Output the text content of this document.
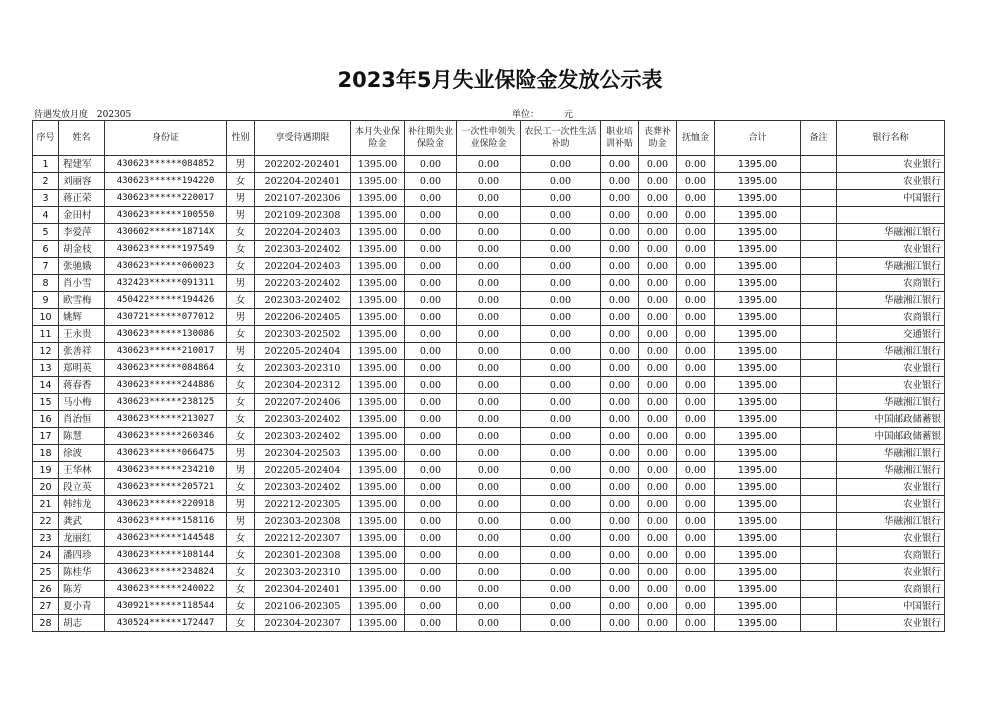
2023年5月失业保险金发放公示表
待遇发放月度 202305	单位：	元
序号	姓名	身份证	性别	享受待遇期限	本月失业保险金	补往期失业保险金	一次性申领失业保险金	农民工一次性生活补助	职业培训补贴	丧葬补助金	抚恤金	合计	备注	银行名称
1	程建军	430623******084852	男	202202-202401	1395.00	0.00	0.00	0.00	0.00	0.00	0.00	1395.00		农业银行
2	刘丽容	430623******194220	女	202204-202401	1395.00	0.00	0.00	0.00	0.00	0.00	0.00	1395.00		农业银行
3	蒋正荣	430623******220017	男	202107-202306	1395.00	0.00	0.00	0.00	0.00	0.00	0.00	1395.00		中国银行
4	金田村	430623******100550	男	202109-202308	1395.00	0.00	0.00	0.00	0.00	0.00	0.00	1395.00		
5	李爱萍	430602******18714X	女	202204-202403	1395.00	0.00	0.00	0.00	0.00	0.00	0.00	1395.00		华融湘江银行
6	胡金枝	430623******197549	女	202303-202402	1395.00	0.00	0.00	0.00	0.00	0.00	0.00	1395.00		农业银行
7	张驰娥	430623******060023	女	202204-202403	1395.00	0.00	0.00	0.00	0.00	0.00	0.00	1395.00		华融湘江银行
8	肖小雪	432423******091311	男	202203-202402	1395.00	0.00	0.00	0.00	0.00	0.00	0.00	1395.00		农商银行
9	欧雪梅	450422******194426	女	202303-202402	1395.00	0.00	0.00	0.00	0.00	0.00	0.00	1395.00		华融湘江银行
10	姚辉	430721******077012	男	202206-202405	1395.00	0.00	0.00	0.00	0.00	0.00	0.00	1395.00		农商银行
11	王永贵	430623******130086	女	202303-202502	1395.00	0.00	0.00	0.00	0.00	0.00	0.00	1395.00		交通银行
12	张善祥	430623******210017	男	202205-202404	1395.00	0.00	0.00	0.00	0.00	0.00	0.00	1395.00		华融湘江银行
13	郑明英	430623******084864	女	202303-202310	1395.00	0.00	0.00	0.00	0.00	0.00	0.00	1395.00		农业银行
14	蒋春香	430623******244886	女	202304-202312	1395.00	0.00	0.00	0.00	0.00	0.00	0.00	1395.00		农业银行
15	马小梅	430623******238125	女	202207-202406	1395.00	0.00	0.00	0.00	0.00	0.00	0.00	1395.00		华融湘江银行
16	肖治恒	430623******213027	女	202303-202402	1395.00	0.00	0.00	0.00	0.00	0.00	0.00	1395.00		中国邮政储蓄银
17	陈慧	430623******260346	女	202303-202402	1395.00	0.00	0.00	0.00	0.00	0.00	0.00	1395.00		中国邮政储蓄银
18	徐波	430623******066475	男	202304-202503	1395.00	0.00	0.00	0.00	0.00	0.00	0.00	1395.00		华融湘江银行
19	王华林	430623******234210	男	202205-202404	1395.00	0.00	0.00	0.00	0.00	0.00	0.00	1395.00		华融湘江银行
20	段立英	430623******205721	女	202303-202402	1395.00	0.00	0.00	0.00	0.00	0.00	0.00	1395.00		农业银行
21	韩纬龙	430623******220918	男	202212-202305	1395.00	0.00	0.00	0.00	0.00	0.00	0.00	1395.00		农业银行
22	龚武	430623******158116	男	202303-202308	1395.00	0.00	0.00	0.00	0.00	0.00	0.00	1395.00		华融湘江银行
23	龙丽红	430623******144548	女	202212-202307	1395.00	0.00	0.00	0.00	0.00	0.00	0.00	1395.00		农业银行
24	潘四珍	430623******108144	女	202301-202308	1395.00	0.00	0.00	0.00	0.00	0.00	0.00	1395.00		农商银行
25	陈桂华	430623******234824	女	202303-202310	1395.00	0.00	0.00	0.00	0.00	0.00	0.00	1395.00		农业银行
26	陈芳	430623******240022	女	202304-202401	1395.00	0.00	0.00	0.00	0.00	0.00	0.00	1395.00		农商银行
27	夏小青	430921******118544	女	202106-202305	1395.00	0.00	0.00	0.00	0.00	0.00	0.00	1395.00		中国银行
28	胡志	430524******172447	女	202304-202307	1395.00	0.00	0.00	0.00	0.00	0.00	0.00	1395.00		农业银行
